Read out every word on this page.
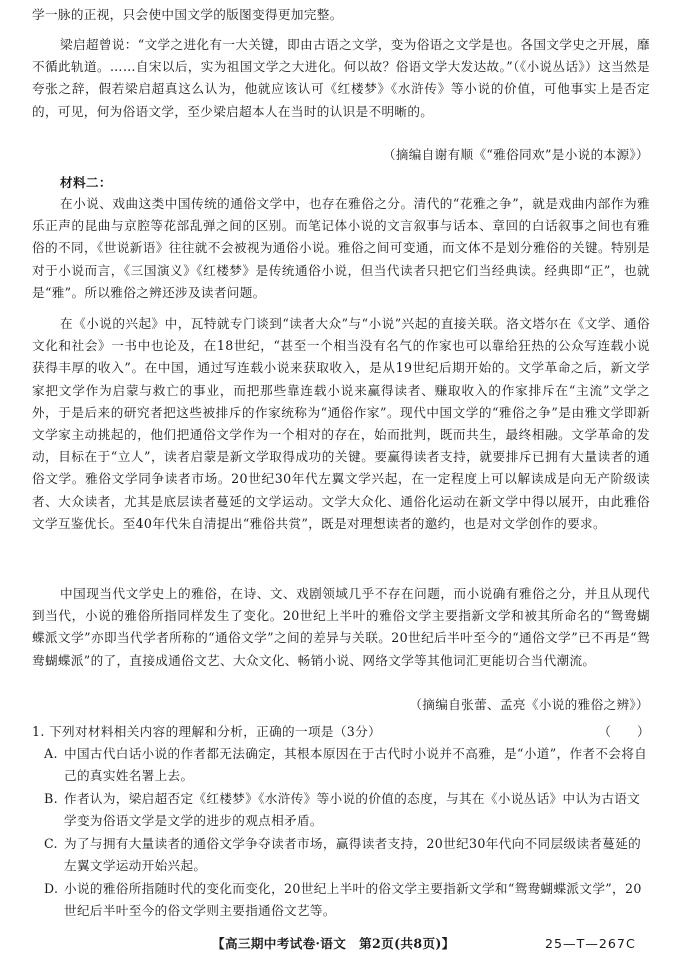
学一脉的正视，只会使中国文学的版图变得更加完整。

梁启超曾说：“文学之进化有一大关键，即由古语之文学，变为俗语之文学是也。各国文学史之开展，靡不循此轨道。……自宋以后，实为祖国文学之大进化。何以故？俗语文学大发达故。”（《小说丛话》）这当然是夸张之辞，假若梁启超真这么认为，他就应该认可《红楼梦》《水浒传》等小说的价值，可他事实上是否定的，可见，何为俗语文学，至少梁启超本人在当时的认识是不明晰的。

（摘编自谢有顺《“雅俗同欢”是小说的本源》）

材料二：

在小说、戏曲这类中国传统的通俗文学中，也存在雅俗之分。清代的“花雅之争”，就是戏曲内部作为雅乐正声的昆曲与京腔等花部乱弹之间的区别。而笔记体小说的文言叙事与话本、章回的白话叙事之间也有雅俗的不同，《世说新语》往往就不会被视为通俗小说。雅俗之间可变通，而文体不是划分雅俗的关键。特别是对于小说而言，《三国演义》《红楼梦》是传统通俗小说，但当代读者只把它们当经典读。经典即“正”，也就是“雅”。所以雅俗之辨还涉及读者问题。

在《小说的兴起》中，瓦特就专门谈到“读者大众”与“小说”兴起的直接关联。洛文塔尔在《文学、通俗文化和社会》一书中也论及，在18世纪，“甚至一个相当没有名气的作家也可以靠给狂热的公众写连载小说获得丰厚的收入”。在中国，通过写连载小说来获取收入，是从19世纪后期开始的。文学革命之后，新文学家把文学作为启蒙与救亡的事业，而把那些靠连载小说来赢得读者、赚取收入的作家排斥在“主流”文学之外，于是后来的研究者把这些被排斥的作家统称为“通俗作家”。现代中国文学的“雅俗之争”是由雅文学即新文学家主动挑起的，他们把通俗文学作为一个相对的存在，始而批判，既而共生，最终相融。文学革命的发动，目标在于“立人”，读者启蒙是新文学取得成功的关键。要赢得读者支持，就要排斥已拥有大量读者的通俗文学。雅俗文学同争读者市场。20世纪30年代左翼文学兴起，在一定程度上可以解读成是向无产阶级读者、大众读者，尤其是底层读者蔓延的文学运动。文学大众化、通俗化运动在新文学中得以展开，由此雅俗文学互鉴优长。至40年代朱自清提出“雅俗共赏”，既是对理想读者的邀约，也是对文学创作的要求。

中国现当代文学史上的雅俗，在诗、文、戏剧领域几乎不存在问题，而小说确有雅俗之分，并且从现代到当代，小说的雅俗所指同样发生了变化。20世纪上半叶的雅俗文学主要指新文学和被其所命名的“鸳鸯蝴蝶派文学”亦即当代学者所称的“通俗文学”之间的差异与关联。20世纪后半叶至今的“通俗文学”已不再是“鸳鸯蝴蝶派”的了，直接成通俗文艺、大众文化、畅销小说、网络文学等其他词汇更能切合当代潮流。

（摘编自张蕾、孟亮《小说的雅俗之辨》）

1. 下列对材料相关内容的理解和分析，正确的一项是（3分）	（　　）
A. 中国古代白话小说的作者都无法确定，其根本原因在于古代时小说并不高雅，是“小道”，作者不会将自己的真实姓名署上去。
B. 作者认为，梁启超否定《红楼梦》《水浒传》等小说的价值的态度，与其在《小说丛话》中认为古语文学变为俗语文学是文学的进步的观点相矛盾。
C. 为了与拥有大量读者的通俗文学争夺读者市场，赢得读者支持，20世纪30年代向不同层级读者蔓延的左翼文学运动开始兴起。
D. 小说的雅俗所指随时代的变化而变化，20世纪上半叶的俗文学主要指新文学和“鸳鸯蝴蝶派文学”，20世纪后半叶至今的俗文学则主要指通俗文艺等。
【高三期中考试卷·语文　第2页(共8页)】	25—T—267C
